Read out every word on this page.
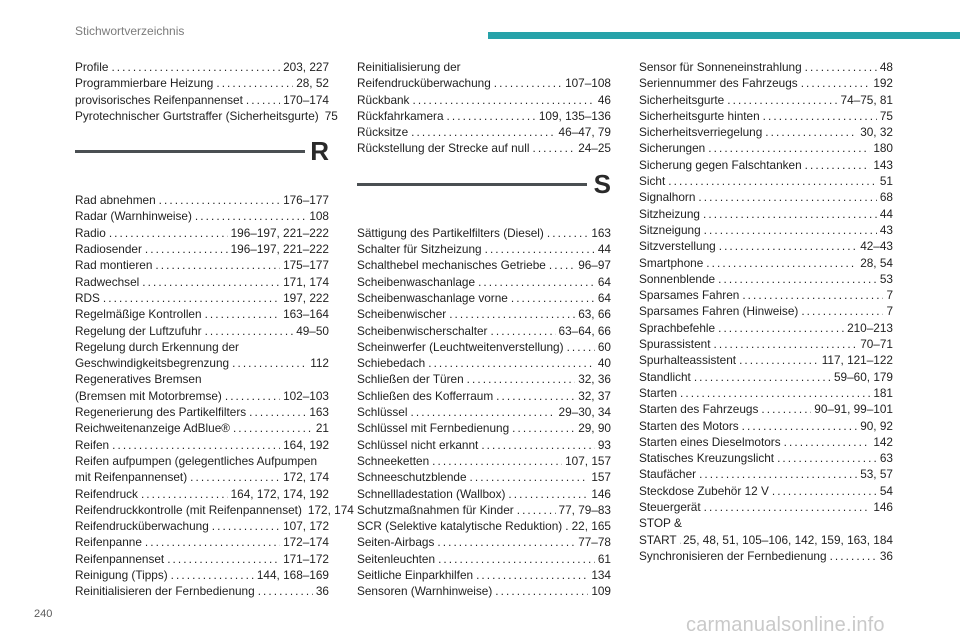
Stichwortverzeichnis
Profile . . .	203, 227
Programmierbare Heizung . . .	28, 52
provisorisches Reifenpannenset . . .	170–174
Pyrotechnischer Gurtstraffer (Sicherheitsgurte) 75
R
Rad abnehmen . . .	176–177
Radar (Warnhinweise) . . .	108
Radio . . .	196–197, 221–222
Radiosender . . .	196–197, 221–222
Rad montieren . . .	175–177
Radwechsel . . .	171, 174
RDS . . .	197, 222
Regelmäßige Kontrollen . . .	163–164
Regelung der Luftzufuhr . . .	49–50
Regelung durch Erkennung der
Geschwindigkeitsbegrenzung . . .	112
Regeneratives Bremsen
(Bremsen mit Motorbremse) . . .	102–103
Regenerierung des Partikelfilters . . .	163
Reichweitenanzeige AdBlue® . . .	21
Reifen . . .	164, 192
Reifen aufpumpen (gelegentliches Aufpumpen
mit Reifenpannenset) . . .	172, 174
Reifendruck . . .	164, 172, 174, 192
Reifendruckkontrolle (mit Reifenpannenset) 172, 174
Reifendrucküberwachung . . .	107, 172
Reifenpanne . . .	172–174
Reifenpannenset . . .	171–172
Reinigung (Tipps) . . .	144, 168–169
Reinitialisieren der Fernbedienung . . .	36
Reinitialisierung der
Reifendrucküberwachung . . .	107–108
Rückbank . . .	46
Rückfahrkamera . . .	109, 135–136
Rücksitze . . .	46–47, 79
Rückstellung der Strecke auf null . . .	24–25
S
Sättigung des Partikelfilters (Diesel) . . .	163
Schalter für Sitzheizung . . .	44
Schalthebel mechanisches Getriebe . . .	96–97
Scheibenwaschanlage . . .	64
Scheibenwaschanlage vorne . . .	64
Scheibenwischer . . .	63, 66
Scheibenwischerschalter . . .	63–64, 66
Scheinwerfer (Leuchtweitenverstellung) . . .	60
Schiebedach . . .	40
Schließen der Türen . . .	32, 36
Schließen des Kofferraum . . .	32, 37
Schlüssel . . .	29–30, 34
Schlüssel mit Fernbedienung . . .	29, 90
Schlüssel nicht erkannt . . .	93
Schneeketten . . .	107, 157
Schneeschutzblende . . .	157
Schnellladestation (Wallbox) . . .	146
Schutzmaßnahmen für Kinder . . .	77, 79–83
SCR (Selektive katalytische Reduktion) . . . 22, 165
Seiten-Airbags . . .	77–78
Seitenleuchten . . .	61
Seitliche Einparkhilfen . . .	134
Sensoren (Warnhinweise) . . .	109
Sensor für Sonneneinstrahlung . . .	48
Seriennummer des Fahrzeugs . . .	192
Sicherheitsgurte . . .	74–75, 81
Sicherheitsgurte hinten . . .	75
Sicherheitsverriegelung . . .	30, 32
Sicherungen . . .	180
Sicherung gegen Falschtanken . . .	143
Sicht . . .	51
Signalhorn . . .	68
Sitzheizung . . .	44
Sitzneigung . . .	43
Sitzverstellung . . .	42–43
Smartphone . . .	28, 54
Sonnenblende . . .	53
Sparsames Fahren . . .	7
Sparsames Fahren (Hinweise) . . .	7
Sprachbefehle . . .	210–213
Spurassistent . . .	70–71
Spurhalteassistent . . .	117, 121–122
Standlicht . . .	59–60, 179
Starten . . .	181
Starten des Fahrzeugs . . .	90–91, 99–101
Starten des Motors . . .	90, 92
Starten eines Dieselmotors . . .	142
Statisches Kreuzungslicht . . .	63
Staufächer . . .	53, 57
Steckdose Zubehör 12 V . . .	54
Steuergerät . . .	146
STOP &
START . . . 25, 48, 51, 105–106, 142, 159, 163, 184
Synchronisieren der Fernbedienung . . .	36
240	carmanualsonline.info
